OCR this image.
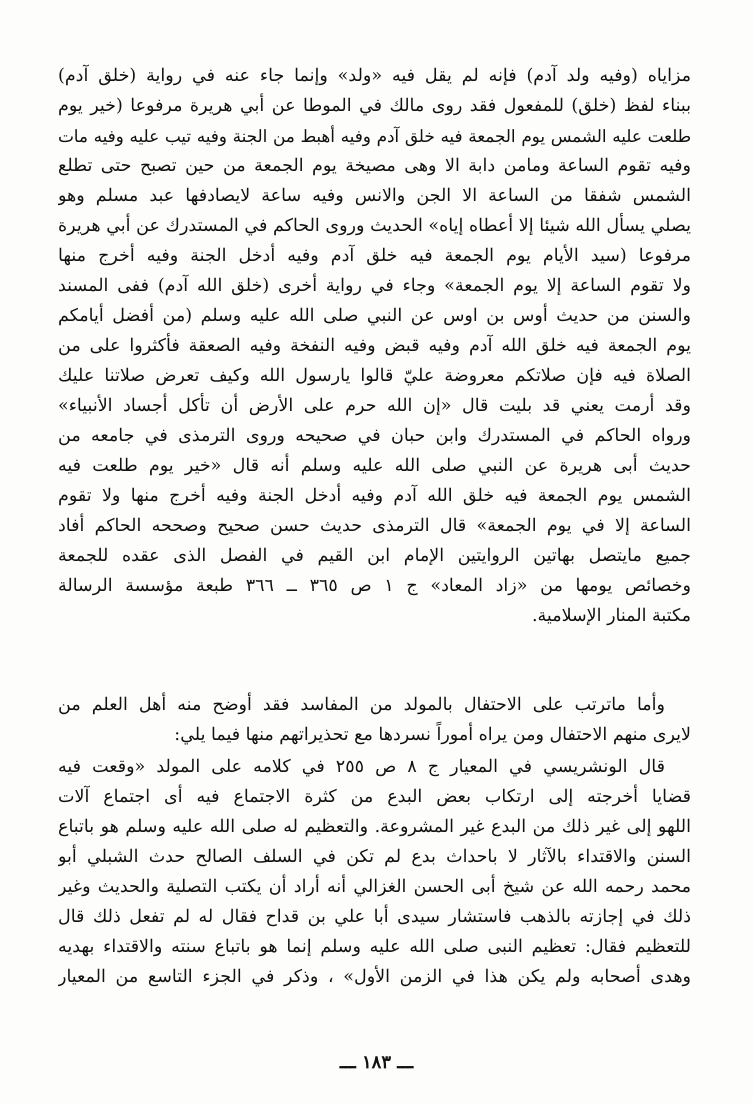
مزاياه (وفيه ولد آدم) فإنه لم يقل فيه «ولد» وإنما جاء عنه في رواية (خلق آدم)
ببناء لفظ (خلق) للمفعول فقد روى مالك في الموطا عن أبي هريرة مرفوعا (خير يوم
طلعت عليه الشمس يوم الجمعة فيه خلق آدم وفيه أهبط من الجنة وفيه تيب عليه وفيه مات
وفيه تقوم الساعة ومامن دابة الا وهى مصيخة يوم الجمعة من حين تصبح حتى تطلع
الشمس شفقا من الساعة الا الجن والانس وفيه ساعة لايصادفها عبد مسلم وهو
يصلي يسأل الله شيئا إلا أعطاه إياه» الحديث وروى الحاكم في المستدرك عن أبي هريرة
مرفوعا (سيد الأيام يوم الجمعة فيه خلق آدم وفيه أدخل الجنة وفيه أخرج منها
ولا تقوم الساعة إلا يوم الجمعة» وجاء في رواية أخرى (خلق الله آدم) ففى المسند
والسنن من حديث أوس بن اوس عن النبي صلى الله عليه وسلم (من أفضل أيامكم
يوم الجمعة فيه خلق الله آدم وفيه قبض وفيه النفخة وفيه الصعقة فأكثروا على من
الصلاة فيه فإن صلاتكم معروضة عليّ قالوا يارسول الله وكيف تعرض صلاتنا عليك
وقد أرمت يعني قد بليت قال «إن الله حرم على الأرض أن تأكل أجساد الأنبياء»
ورواه الحاكم في المستدرك وابن حبان في صحيحه وروى الترمذى في جامعه من
حديث أبى هريرة عن النبي صلى الله عليه وسلم أنه قال «خير يوم طلعت فيه
الشمس يوم الجمعة فيه خلق الله آدم وفيه أدخل الجنة وفيه أخرج منها ولا تقوم
الساعة إلا في يوم الجمعة» قال الترمذى حديث حسن صحيح وصححه الحاكم أفاد
جميع مايتصل بهاتين الروايتين الإمام ابن القيم في الفصل الذى عقده للجمعة
وخصائص يومها من «زاد المعاد» ج ١ ص ٣٦٥ ــ ٣٦٦ طبعة مؤسسة الرسالة
مكتبة المنار الإسلامية.
وأما ماترتب على الاحتفال بالمولد من المفاسد فقد أوضح منه أهل العلم من
لايرى منهم الاحتفال ومن يراه أموراً نسردها مع تحذيراتهم منها فيما يلي:
قال الونشريسي في المعيار ج ٨ ص ٢٥٥ في كلامه على المولد «وقعت فيه
قضايا أخرجته إلى ارتكاب بعض البدع من كثرة الاجتماع فيه أى اجتماع آلات
اللهو إلى غير ذلك من البدع غير المشروعة. والتعظيم له صلى الله عليه وسلم هو باتباع
السنن والاقتداء بالآثار لا باحداث بدع لم تكن في السلف الصالح حدث الشبلي أبو
محمد رحمه الله عن شيخ أبى الحسن الغزالي أنه أراد أن يكتب التصلية والحديث وغير
ذلك في إجازته بالذهب فاستشار سيدى أبا علي بن قداح فقال له لم تفعل ذلك قال
للتعظيم فقال: تعظيم النبى صلى الله عليه وسلم إنما هو باتباع سنته والاقتداء بهديه
وهدى أصحابه ولم يكن هذا في الزمن الأول» ، وذكر في الجزء التاسع من المعيار
ـــ ١٨٣ ـــ
